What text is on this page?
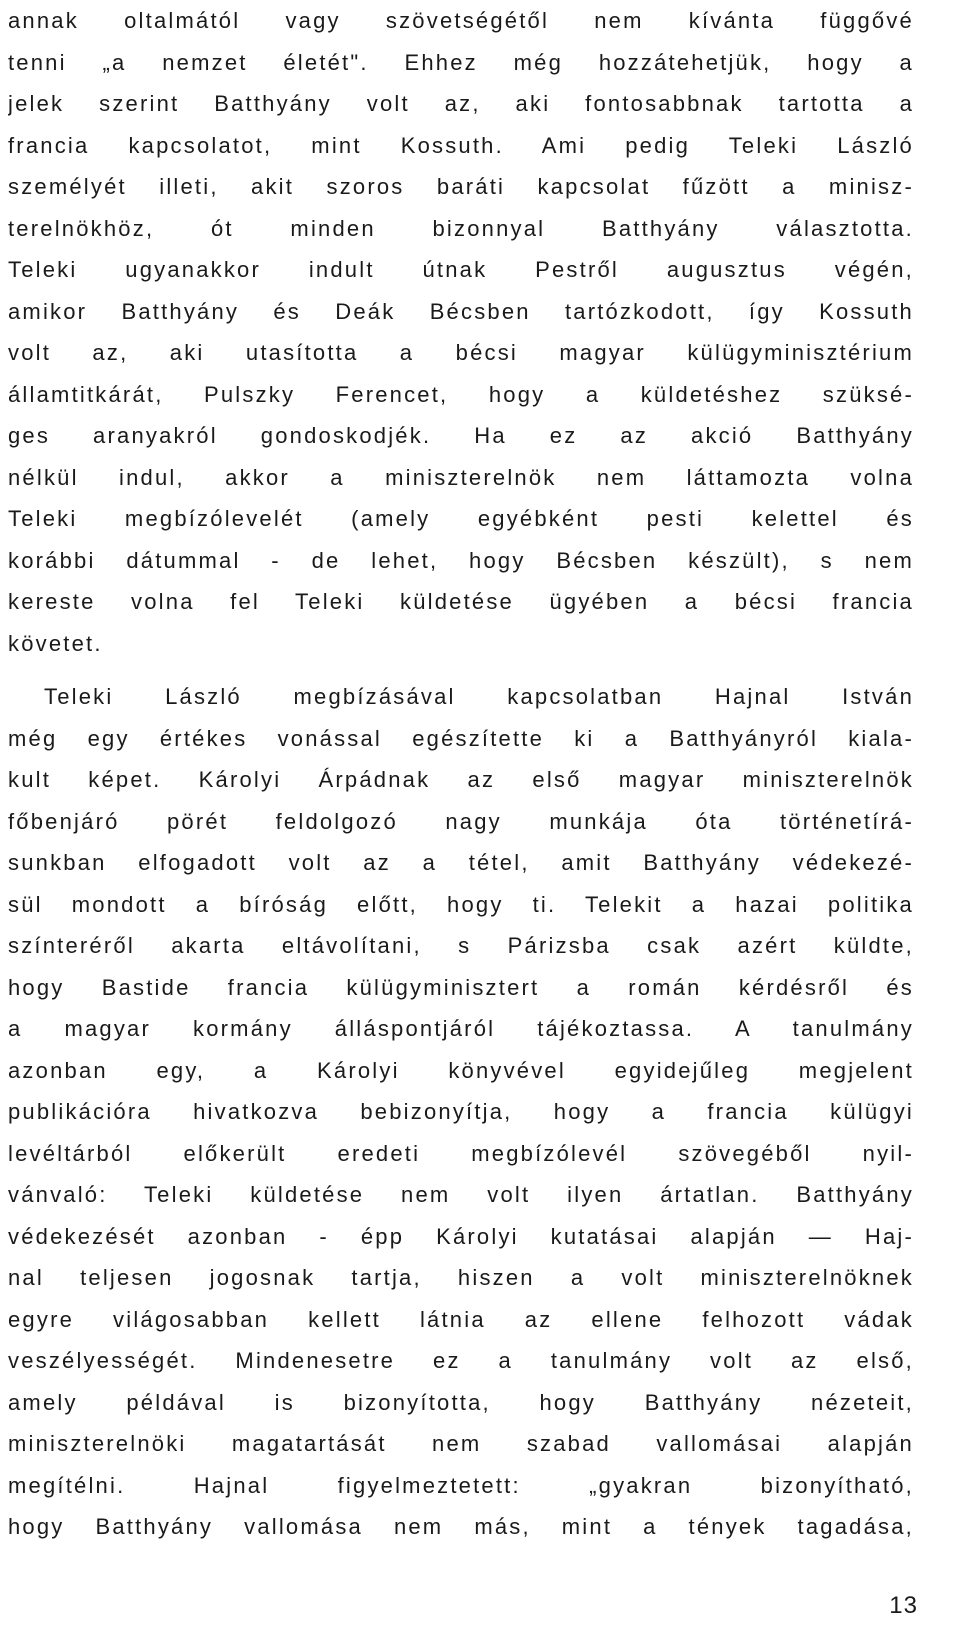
annak oltalmától vagy szövetségétől nem kívánta függővé
tenni „a nemzet életét". Ehhez még hozzátehetjük, hogy a
jelek szerint Batthyány volt az, aki fontosabbnak tartotta a
francia kapcsolatot, mint Kossuth. Ami pedig Teleki László
személyét illeti, akit szoros baráti kapcsolat fűzött a minisz-
terelnökhöz, ót minden bizonnyal Batthyány választotta.
Teleki ugyanakkor indult útnak Pestről augusztus végén,
amikor Batthyány és Deák Bécsben tartózkodott, így Kossuth
volt az, aki utasította a bécsi magyar külügyminisztérium
államtitkárát, Pulszky Ferencet, hogy a küldetéshez szüksé-
ges aranyakról gondoskodjék. Ha ez az akció Batthyány
nélkül indul, akkor a miniszterelnök nem láttamozta volna
Teleki megbízólevelét (amely egyébként pesti kelettel és
korábbi dátummal - de lehet, hogy Bécsben készült), s nem
kereste volna fel Teleki küldetése ügyében a bécsi francia
követet.
Teleki László megbízásával kapcsolatban Hajnal István
még egy értékes vonással egészítette ki a Batthyányról kiala-
kult képet. Károlyi Árpádnak az első magyar miniszterelnök
főbenjáró pörét feldolgozó nagy munkája óta történetírá-
sunkban elfogadott volt az a tétel, amit Batthyány védekezé-
sül mondott a bíróság előtt, hogy ti. Telekit a hazai politika
színteréről akarta eltávolítani, s Párizsba csak azért küldte,
hogy Bastide francia külügyminisztert a román kérdésről és
a magyar kormány álláspontjáról tájékoztassa. A tanulmány
azonban egy, a Károlyi könyvével egyidejűleg megjelent
publikációra hivatkozva bebizonyítja, hogy a francia külügyi
levéltárból előkerült eredeti megbízólevél szövegéből nyil-
vánvaló: Teleki küldetése nem volt ilyen ártatlan. Batthyány
védekezését azonban - épp Károlyi kutatásai alapján — Haj-
nal teljesen jogosnak tartja, hiszen a volt miniszterelnöknek
egyre világosabban kellett látnia az ellene felhozott vádak
veszélyességét. Mindenesetre ez a tanulmány volt az első,
amely példával is bizonyította, hogy Batthyány nézeteit,
miniszterelnöki magatartását nem szabad vallomásai alapján
megítélni. Hajnal figyelmeztetett: „gyakran bizonyítható,
hogy Batthyány vallomása nem más, mint a tények tagadása,
13
